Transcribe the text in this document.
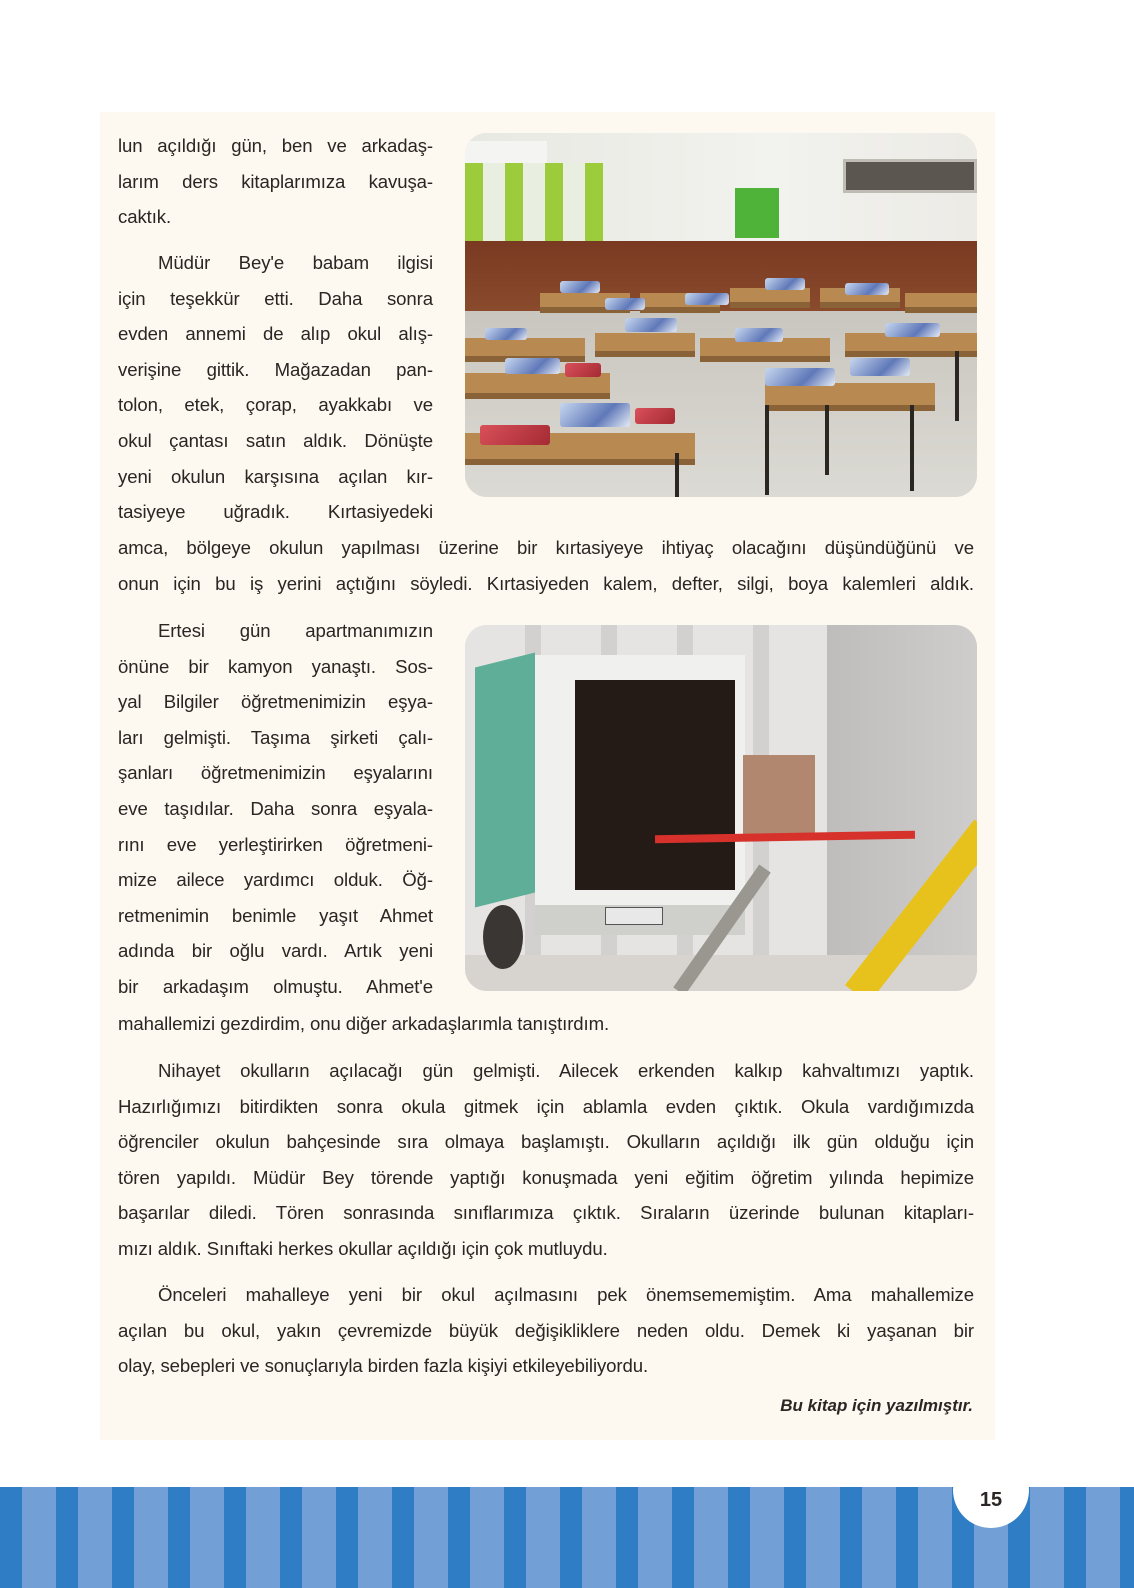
lun açıldığı gün, ben ve arkadaş-
larım ders kitaplarımıza kavuşa-
caktık.
Müdür Bey'e babam ilgisi
için teşekkür etti. Daha sonra
evden annemi de alıp okul alış-
verişine gittik. Mağazadan pan-
tolon, etek, çorap, ayakkabı ve
okul çantası satın aldık. Dönüşte
yeni okulun karşısına açılan kır-
tasiyeye uğradık. Kırtasiyedeki
amca, bölgeye okulun yapılması üzerine bir kırtasiyeye ihtiyaç olacağını düşündüğünü ve
onun için bu iş yerini açtığını söyledi. Kırtasiyeden kalem, defter, silgi, boya kalemleri aldık.
Ertesi gün apartmanımızın
önüne bir kamyon yanaştı. Sos-
yal Bilgiler öğretmenimizin eşya-
ları gelmişti. Taşıma şirketi çalı-
şanları öğretmenimizin eşyalarını
eve taşıdılar. Daha sonra eşyala-
rını eve yerleştirirken öğretmeni-
mize ailece yardımcı olduk. Öğ-
retmenimin benimle yaşıt Ahmet
adında bir oğlu vardı. Artık yeni
bir arkadaşım olmuştu. Ahmet'e
mahallemizi gezdirdim, onu diğer arkadaşlarımla tanıştırdım.
Nihayet okulların açılacağı gün gelmişti. Ailecek erkenden kalkıp kahvaltımızı yaptık.
Hazırlığımızı bitirdikten sonra okula gitmek için ablamla evden çıktık. Okula vardığımızda
öğrenciler okulun bahçesinde sıra olmaya başlamıştı. Okulların açıldığı ilk gün olduğu için
tören yapıldı. Müdür Bey törende yaptığı konuşmada yeni eğitim öğretim yılında hepimize
başarılar diledi. Tören sonrasında sınıflarımıza çıktık. Sıraların üzerinde bulunan kitapları-
mızı aldık. Sınıftaki herkes okullar açıldığı için çok mutluydu.
Önceleri mahalleye yeni bir okul açılmasını pek önemsememiştim. Ama mahallemize
açılan bu okul, yakın çevremizde büyük değişikliklere neden oldu. Demek ki yaşanan bir
olay, sebepleri ve sonuçlarıyla birden fazla kişiyi etkileyebiliyordu.
Bu kitap için yazılmıştır.
15
